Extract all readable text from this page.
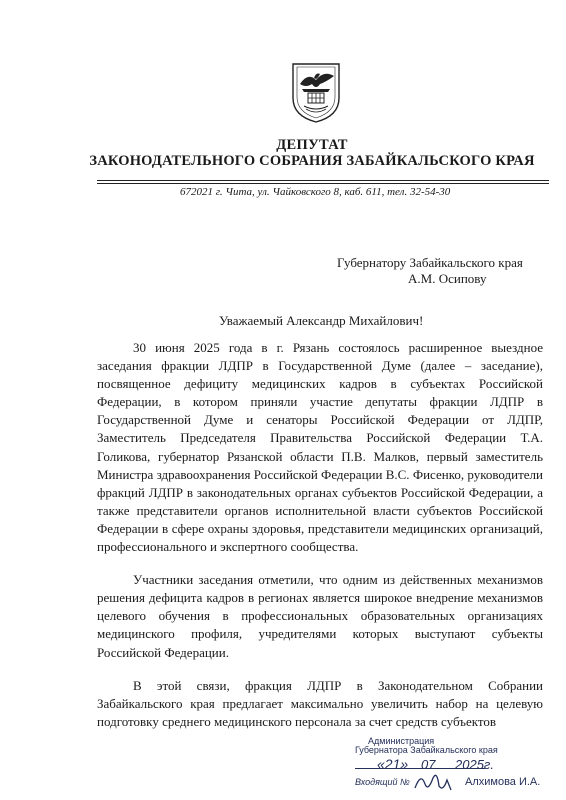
ДЕПУТАТ
ЗАКОНОДАТЕЛЬНОГО СОБРАНИЯ ЗАБАЙКАЛЬСКОГО КРАЯ
672021 г. Чита, ул. Чайковского 8, каб. 611, тел. 32-54-30
Губернатору Забайкальского края
А.М. Осипову
Уважаемый Александр Михайлович!

30 июня 2025 года в г. Рязань состоялось расширенное выездное заседания фракции ЛДПР в Государственной Думе (далее – заседание), посвященное дефициту медицинских кадров в субъектах Российской Федерации, в котором приняли участие депутаты фракции ЛДПР в Государственной Думе и сенаторы Российской Федерации от ЛДПР, Заместитель Председателя Правительства Российской Федерации Т.А. Голикова, губернатор Рязанской области П.В. Малков, первый заместитель Министра здравоохранения Российской Федерации В.С. Фисенко, руководители фракций ЛДПР в законодательных органах субъектов Российской Федерации, а также представители органов исполнительной власти субъектов Российской Федерации в сфере охраны здоровья, представители медицинских организаций, профессионального и экспертного сообщества.

Участники заседания отметили, что одним из действенных механизмов решения дефицита кадров в регионах является широкое внедрение механизмов целевого обучения в профессиональных образовательных организациях медицинского профиля, учредителями которых выступают субъекты Российской Федерации.

В этой связи, фракция ЛДПР в Законодательном Собрании Забайкальского края предлагает максимально увеличить набор на целевую подготовку среднего медицинского персонала за счет средств субъектов

Администрация
Губернатора Забайкальского края
«21» 07 2025г.
Входящий №	Алхимова И.А.
